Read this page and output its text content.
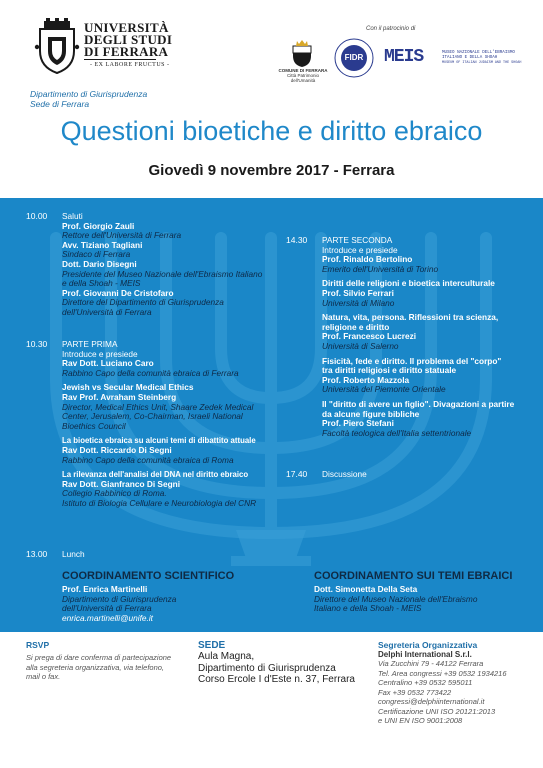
UNIVERSITÀ
DEGLI STUDI
DI FERRARA
- EX LABORE FRUCTUS -
Dipartimento di Giurisprudenza
Sede di Ferrara
Con il patrocinio di
COMUNE DI FERRARA
Città Patrimonio dell'Umanità
FIDR	MEIS	MUSEO NAZIONALE DELL'EBRAISMO
ITALIANO E DELLA SHOAH
MUSEUM OF ITALIAN JUDAISM AND THE SHOAH
Questioni bioetiche e diritto ebraico
Giovedì 9 novembre 2017 - Ferrara
10.00 Saluti
Prof. Giorgio Zauli
Rettore dell'Università di Ferrara
Avv. Tiziano Tagliani
Sindaco di Ferrara
Dott. Dario Disegni
Presidente del Museo Nazionale dell'Ebraismo Italiano
e della Shoah - MEIS
Prof. Giovanni De Cristofaro
Direttore del Dipartimento di Giurisprudenza
dell'Università di Ferrara
10.30 PARTE PRIMA
Introduce e presiede
Rav Dott. Luciano Caro
Rabbino Capo della comunità ebraica di Ferrara
Jewish vs Secular Medical Ethics
Rav Prof. Avraham Steinberg
Director, Medical Ethics Unit, Shaare Zedek Medical
Center, Jerusalem, Co-Chairman, Israeli National
Bioethics Council
La bioetica ebraica su alcuni temi di dibattito attuale
Rav Dott. Riccardo Di Segni
Rabbino Capo della comunità ebraica di Roma
La rilevanza dell'analisi del DNA nel diritto ebraico
Rav Dott. Gianfranco Di Segni
Collegio Rabbinico di Roma.
Istituto di Biologia Cellulare e Neurobiologia del CNR
13.00 Lunch
14.30 PARTE SECONDA
Introduce e presiede
Prof. Rinaldo Bertolino
Emerito dell'Università di Torino
Diritti delle religioni e bioetica interculturale
Prof. Silvio Ferrari
Università di Milano
Natura, vita, persona. Riflessioni tra scienza,
religione e diritto
Prof. Francesco Lucrezi
Università di Salerno
Fisicità, fede e diritto. Il problema del "corpo"
tra diritti religiosi e diritto statuale
Prof. Roberto Mazzola
Università del Piemonte Orientale
Il "diritto di avere un figlio". Divagazioni a partire
da alcune figure bibliche
Prof. Piero Stefani
Facoltà teologica dell'Italia settentrionale
17.40 Discussione
COORDINAMENTO SCIENTIFICO
Prof. Enrica Martinelli
Dipartimento di Giurisprudenza
dell'Università di Ferrara
enrica.martinelli@unife.it
COORDINAMENTO SUI TEMI EBRAICI
Dott. Simonetta Della Seta
Direttore del Museo Nazionale dell'Ebraismo
Italiano e della Shoah - MEIS
RSVP
Si prega di dare conferma di partecipazione
alla segreteria organizzativa, via telefono,
mail o fax.
SEDE
Aula Magna,
Dipartimento di Giurisprudenza
Corso Ercole I d'Este n. 37, Ferrara
Segreteria Organizzativa
Delphi International S.r.l.
Via Zucchini 79 - 44122 Ferrara
Tel. Area congressi +39 0532 1934216
Centralino +39 0532 595011
Fax +39 0532 773422
congressi@delphiinternational.it
Certificazione UNI ISO 20121:2013
e UNI EN ISO 9001:2008
